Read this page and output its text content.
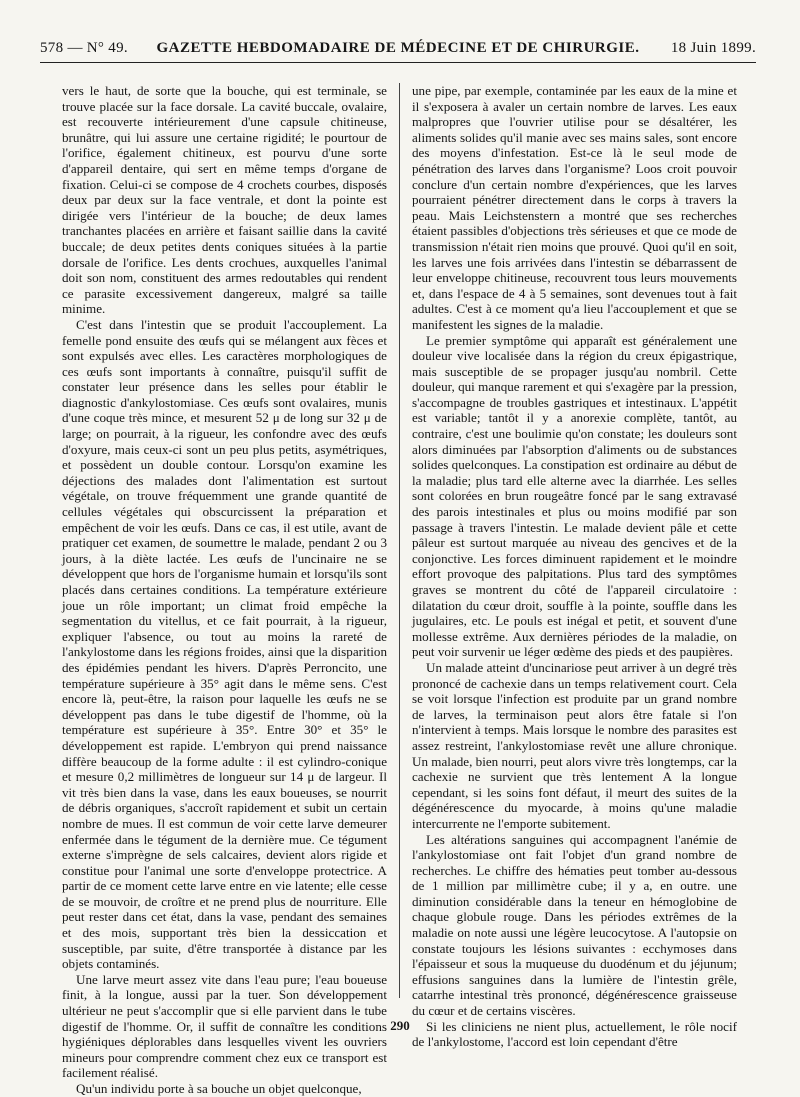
578 — N° 49.	GAZETTE HEBDOMADAIRE DE MÉDECINE ET DE CHIRURGIE.	18 Juin 1899.

vers le haut, de sorte que la bouche, qui est terminale, se trouve placée sur la face dorsale. La cavité buccale, ovalaire, est recouverte intérieurement d'une capsule chitineuse, brunâtre, qui lui assure une certaine rigidité; le pourtour de l'orifice, également chitineux, est pourvu d'une sorte d'appareil dentaire, qui sert en même temps d'organe de fixation. Celui-ci se compose de 4 crochets courbes, disposés deux par deux sur la face ventrale, et dont la pointe est dirigée vers l'intérieur de la bouche; de deux lames tranchantes placées en arrière et faisant saillie dans la cavité buccale; de deux petites dents coniques situées à la partie dorsale de l'orifice. Les dents crochues, auxquelles l'animal doit son nom, constituent des armes redoutables qui rendent ce parasite excessivement dangereux, malgré sa taille minime.

C'est dans l'intestin que se produit l'accouplement. La femelle pond ensuite des œufs qui se mélangent aux fèces et sont expulsés avec elles. Les caractères morphologiques de ces œufs sont importants à connaître, puisqu'il suffit de constater leur présence dans les selles pour établir le diagnostic d'ankylostomiase. Ces œufs sont ovalaires, munis d'une coque très mince, et mesurent 52 μ de long sur 32 μ de large; on pourrait, à la rigueur, les confondre avec des œufs d'oxyure, mais ceux-ci sont un peu plus petits, asymétriques, et possèdent un double contour. Lorsqu'on examine les déjections des malades dont l'alimentation est surtout végétale, on trouve fréquemment une grande quantité de cellules végétales qui obscurcissent la préparation et empêchent de voir les œufs. Dans ce cas, il est utile, avant de pratiquer cet examen, de soumettre le malade, pendant 2 ou 3 jours, à la diète lactée. Les œufs de l'uncinaire ne se développent que hors de l'organisme humain et lorsqu'ils sont placés dans certaines conditions. La température extérieure joue un rôle important; un climat froid empêche la segmentation du vitellus, et ce fait pourrait, à la rigueur, expliquer l'absence, ou tout au moins la rareté de l'ankylostome dans les régions froides, ainsi que la disparition des épidémies pendant les hivers. D'après Perroncito, une température supérieure à 35° agit dans le même sens. C'est encore là, peut-être, la raison pour laquelle les œufs ne se développent pas dans le tube digestif de l'homme, où la température est supérieure à 35°. Entre 30° et 35° le développement est rapide. L'embryon qui prend naissance diffère beaucoup de la forme adulte : il est cylindro-conique et mesure 0,2 millimètres de longueur sur 14 μ de largeur. Il vit très bien dans la vase, dans les eaux boueuses, se nourrit de débris organiques, s'accroît rapidement et subit un certain nombre de mues. Il est commun de voir cette larve demeurer enfermée dans le tégument de la dernière mue. Ce tégument externe s'imprègne de sels calcaires, devient alors rigide et constitue pour l'animal une sorte d'enveloppe protectrice. A partir de ce moment cette larve entre en vie latente; elle cesse de se mouvoir, de croître et ne prend plus de nourriture. Elle peut rester dans cet état, dans la vase, pendant des semaines et des mois, supportant très bien la dessiccation et susceptible, par suite, d'être transportée à distance par les objets contaminés.

Une larve meurt assez vite dans l'eau pure; l'eau boueuse finit, à la longue, aussi par la tuer. Son développement ultérieur ne peut s'accomplir que si elle parvient dans le tube digestif de l'homme. Or, il suffit de connaître les conditions hygiéniques déplorables dans lesquelles vivent les ouvriers mineurs pour comprendre comment chez eux ce transport est facilement réalisé.

Qu'un individu porte à sa bouche un objet quelconque,

une pipe, par exemple, contaminée par les eaux de la mine et il s'exposera à avaler un certain nombre de larves. Les eaux malpropres que l'ouvrier utilise pour se désaltérer, les aliments solides qu'il manie avec ses mains sales, sont encore des moyens d'infestation. Est-ce là le seul mode de pénétration des larves dans l'organisme? Loos croit pouvoir conclure d'un certain nombre d'expériences, que les larves pourraient pénétrer directement dans le corps à travers la peau. Mais Leichstenstern a montré que ses recherches étaient passibles d'objections très sérieuses et que ce mode de transmission n'était rien moins que prouvé. Quoi qu'il en soit, les larves une fois arrivées dans l'intestin se débarrassent de leur enveloppe chitineuse, recouvrent tous leurs mouvements et, dans l'espace de 4 à 5 semaines, sont devenues tout à fait adultes. C'est à ce moment qu'a lieu l'accouplement et que se manifestent les signes de la maladie.

Le premier symptôme qui apparaît est généralement une douleur vive localisée dans la région du creux épigastrique, mais susceptible de se propager jusqu'au nombril. Cette douleur, qui manque rarement et qui s'exagère par la pression, s'accompagne de troubles gastriques et intestinaux. L'appétit est variable; tantôt il y a anorexie complète, tantôt, au contraire, c'est une boulimie qu'on constate; les douleurs sont alors diminuées par l'absorption d'aliments ou de substances solides quelconques. La constipation est ordinaire au début de la maladie; plus tard elle alterne avec la diarrhée. Les selles sont colorées en brun rougeâtre foncé par le sang extravasé des parois intestinales et plus ou moins modifié par son passage à travers l'intestin. Le malade devient pâle et cette pâleur est surtout marquée au niveau des gencives et de la conjonctive. Les forces diminuent rapidement et le moindre effort provoque des palpitations. Plus tard des symptômes graves se montrent du côté de l'appareil circulatoire : dilatation du cœur droit, souffle à la pointe, souffle dans les jugulaires, etc. Le pouls est inégal et petit, et souvent d'une mollesse extrême. Aux dernières périodes de la maladie, on peut voir survenir ue léger œdème des pieds et des paupières.

Un malade atteint d'uncinariose peut arriver à un degré très prononcé de cachexie dans un temps relativement court. Cela se voit lorsque l'infection est produite par un grand nombre de larves, la terminaison peut alors être fatale si l'on n'intervient à temps. Mais lorsque le nombre des parasites est assez restreint, l'ankylostomiase revêt une allure chronique. Un malade, bien nourri, peut alors vivre très longtemps, car la cachexie ne survient que très lentement A la longue cependant, si les soins font défaut, il meurt des suites de la dégénérescence du myocarde, à moins qu'une maladie intercurrente ne l'emporte subitement.

Les altérations sanguines qui accompagnent l'anémie de l'ankylostomiase ont fait l'objet d'un grand nombre de recherches. Le chiffre des hématies peut tomber au-dessous de 1 million par millimètre cube; il y a, en outre. une diminution considérable dans la teneur en hémoglobine de chaque globule rouge. Dans les périodes extrêmes de la maladie on note aussi une légère leucocytose. A l'autopsie on constate toujours les lésions suivantes : ecchymoses dans l'épaisseur et sous la muqueuse du duodénum et du jéjunum; effusions sanguines dans la lumière de l'intestin grêle, catarrhe intestinal très prononcé, dégénérescence graisseuse du cœur et de certains viscères.

Si les cliniciens ne nient plus, actuellement, le rôle nocif de l'ankylostome, l'accord est loin cependant d'être

290
